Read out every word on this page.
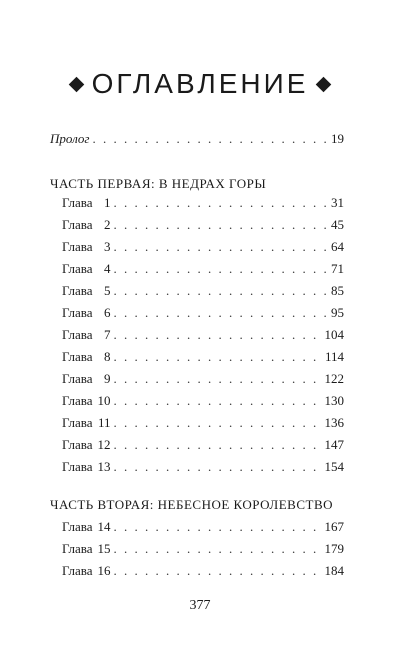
ОГЛАВЛЕНИЕ
Пролог . . .	19
ЧАСТЬ ПЕРВАЯ: В НЕДРАХ ГОРЫ
Глава 1 . . .	31
Глава 2 . . .	45
Глава 3 . . .	64
Глава 4 . . .	71
Глава 5 . . .	85
Глава 6 . . .	95
Глава 7 . . .	104
Глава 8 . . .	114
Глава 9 . . .	122
Глава 10 . . .	130
Глава 11 . . .	136
Глава 12 . . .	147
Глава 13 . . .	154
ЧАСТЬ ВТОРАЯ: НЕБЕСНОЕ КОРОЛЕВСТВО
Глава 14 . . .	167
Глава 15 . . .	179
Глава 16 . . .	184
377
